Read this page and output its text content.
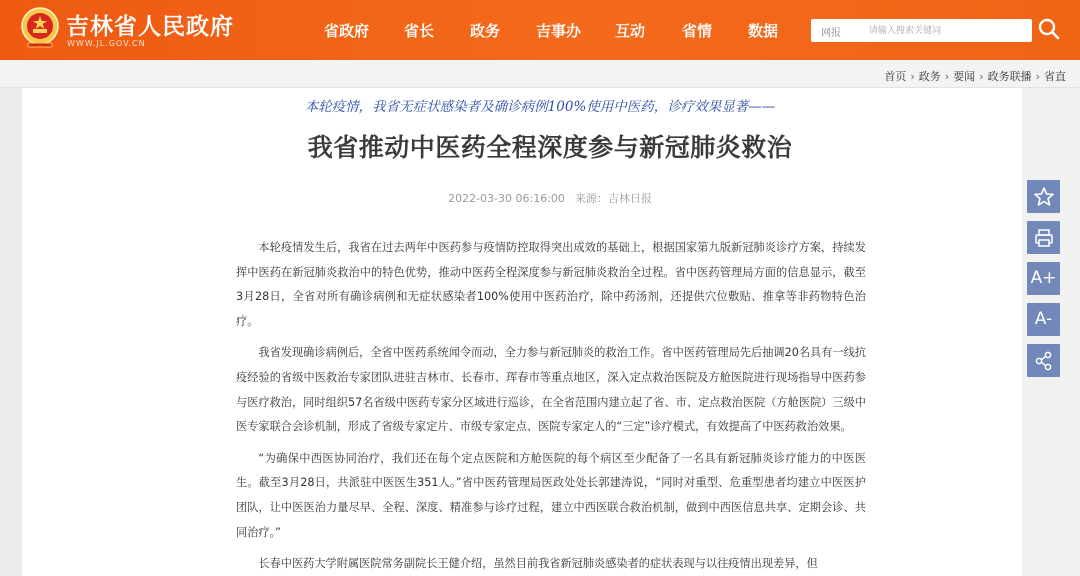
吉林省人民政府
WWW.JL.GOV.CN
省政府 省长 政务 吉事办 互动 省情 数据	网报
请输入搜索关键词
首页 › 政务 › 要闻 › 政务联播 › 省直
本轮疫情，我省无症状感染者及确诊病例100%使用中医药，诊疗效果显著——
我省推动中医药全程深度参与新冠肺炎救治
2022-03-30 06:16:00 来源：吉林日报

本轮疫情发生后，我省在过去两年中医药参与疫情防控取得突出成效的基础上，根据国家第九版新冠肺炎诊疗方案，持续发挥中医药在新冠肺炎救治中的特色优势，推动中医药全程深度参与新冠肺炎救治全过程。省中医药管理局方面的信息显示，截至3月28日，全省对所有确诊病例和无症状感染者100%使用中医药治疗，除中药汤剂，还提供穴位敷贴、推拿等非药物特色治疗。

我省发现确诊病例后，全省中医药系统闻令而动，全力参与新冠肺炎的救治工作。省中医药管理局先后抽调20名具有一线抗疫经验的省级中医救治专家团队进驻吉林市、长春市、珲春市等重点地区，深入定点救治医院及方舱医院进行现场指导中医药参与医疗救治，同时组织57名省级中医药专家分区域进行巡诊，在全省范围内建立起了省、市、定点救治医院（方舱医院）三级中医专家联合会诊机制，形成了省级专家定片、市级专家定点、医院专家定人的“三定”诊疗模式，有效提高了中医药救治效果。

“为确保中西医协同治疗，我们还在每个定点医院和方舱医院的每个病区至少配备了一名具有新冠肺炎诊疗能力的中医医生。截至3月28日，共派驻中医医生351人。”省中医药管理局医政处处长郭建涛说，“同时对重型、危重型患者均建立中医医护团队，让中医医治力量尽早、全程、深度、精准参与诊疗过程，建立中西医联合救治机制，做到中西医信息共享、定期会诊、共同治疗。”

长春中医药大学附属医院常务副院长王健介绍，虽然目前我省新冠肺炎感染者的症状表现与以往疫情出现差异，但

A+
A-
